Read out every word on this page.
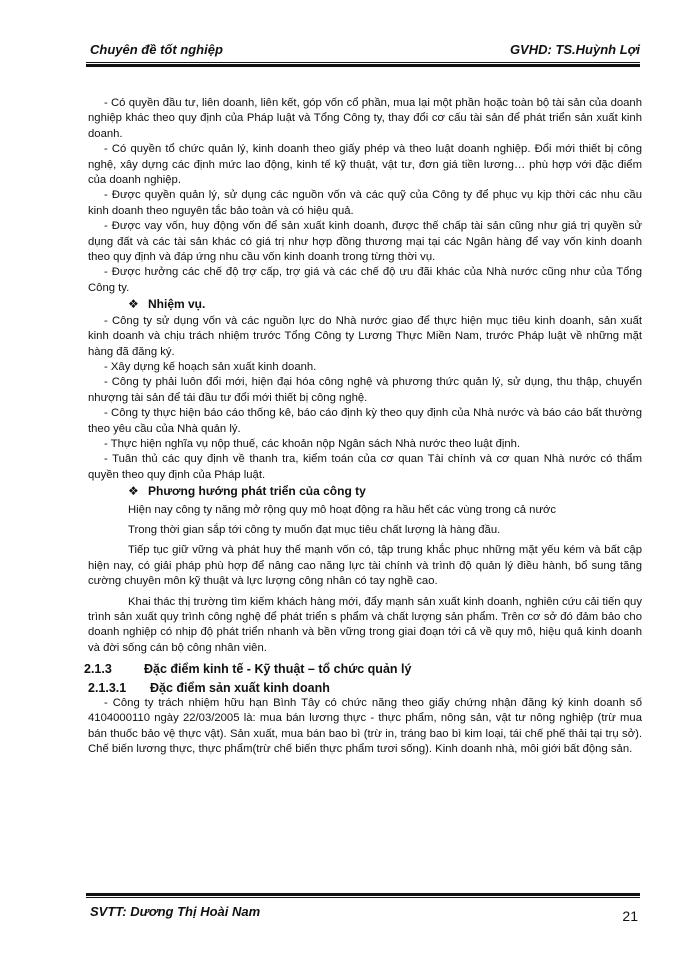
Chuyên đề tốt nghiệp	GVHD: TS.Huỳnh Lợi

- Có quyền đầu tư, liên doanh, liên kết, góp vốn cổ phần, mua lại một phần hoặc toàn bộ tài sản của doanh nghiệp khác theo quy định của Pháp luật và Tổng Công ty, thay đổi cơ cấu tài sản để phát triển sản xuất kinh doanh.

- Có quyền tổ chức quản lý, kinh doanh theo giấy phép và theo luật doanh nghiệp. Đổi mới thiết bị công nghệ, xây dựng các định mức lao động, kinh tế kỹ thuật, vật tư, đơn giá tiền lương… phù hợp với đặc điểm của doanh nghiệp.

- Được quyền quản lý, sử dụng các nguồn vốn và các quỹ của Công ty để phục vụ kịp thời các nhu cầu kinh doanh theo nguyên tắc bảo toàn và có hiệu quả.

- Được vay vốn, huy động vốn để sản xuất kinh doanh, được thế chấp tài sản cũng như giá trị quyền sử dụng đất và các tài sản khác có giá trị như hợp đồng thương mại tại các Ngân hàng để vay vốn kinh doanh theo quy định và đáp ứng nhu cầu vốn kinh doanh trong từng thời vụ.

- Được hưởng các chế độ trợ cấp, trợ giá và các chế độ ưu đãi khác của Nhà nước cũng như của Tổng Công ty.

❖ Nhiệm vụ.

- Công ty sử dụng vốn và các nguồn lực do Nhà nước giao để thực hiện mục tiêu kinh doanh, sản xuất kinh doanh và chịu trách nhiệm trước Tổng Công ty Lương Thực Miền Nam, trước Pháp luật về những mặt hàng đã đăng ký.

- Xây dựng kế hoạch sản xuất kinh doanh.

- Công ty phải luôn đổi mới, hiện đại hóa công nghệ và phương thức quản lý, sử dụng, thu thập, chuyển nhượng tài sản để tái đầu tư đổi mới thiết bị công nghệ.

- Công ty thực hiện báo cáo thống kê, báo cáo định kỳ theo quy định của Nhà nước và báo cáo bất thường theo yêu cầu của Nhà quản lý.

- Thực hiện nghĩa vụ nộp thuế, các khoản nộp Ngân sách Nhà nước theo luật định.

- Tuân thủ các quy định về thanh tra, kiểm toán của cơ quan Tài chính và cơ quan Nhà nước có thẩm quyền theo quy định của Pháp luật.

❖ Phương hướng phát triển của công ty

Hiện nay công ty năng mở rộng quy mô hoạt động ra hầu hết các vùng trong cả nước

Trong thời gian sắp tới công ty muốn đạt mục tiêu chất lượng là hàng đầu.

Tiếp tục giữ vững và phát huy thế mạnh vốn có, tập trung khắc phục những mặt yếu kém và bất cập hiện nay, có giải pháp phù hợp để nâng cao năng lực tài chính và trình độ quản lý điều hành, bổ sung tăng cường chuyên môn kỹ thuật và lực lượng công nhân có tay nghề cao.

Khai thác thị trường tìm kiếm khách hàng mới, đẩy mạnh sản xuất kinh doanh, nghiên cứu cải tiến quy trình sản xuất quy trình công nghệ để phát triển s phẩm và chất lượng sản phẩm. Trên cơ sở đó đảm bảo cho doanh nghiệp có nhịp độ phát triển nhanh và bền vững trong giai đoạn tới cả về quy mô, hiệu quả kinh doanh và đời sống cán bộ công nhân viên.

2.1.3	Đặc điểm kinh tế - Kỹ thuật – tổ chức quản lý

2.1.3.1 Đặc điểm sản xuất kinh doanh

- Công ty trách nhiệm hữu hạn Bình Tây có chức năng theo giấy chứng nhận đăng ký kinh doanh số 4104000110 ngày 22/03/2005 là: mua bán lương thực - thực phẩm, nông sản, vật tư nông nghiệp (trừ mua bán thuốc bảo vệ thực vật). Sản xuất, mua bán bao bì (trừ in, tráng bao bì kim loại, tái chế phế thải tại trụ sở). Chế biến lương thực, thực phẩm(trừ chế biến thực phẩm tươi sống). Kinh doanh nhà, môi giới bất động sản.

SVTT: Dương Thị Hoài Nam	21
